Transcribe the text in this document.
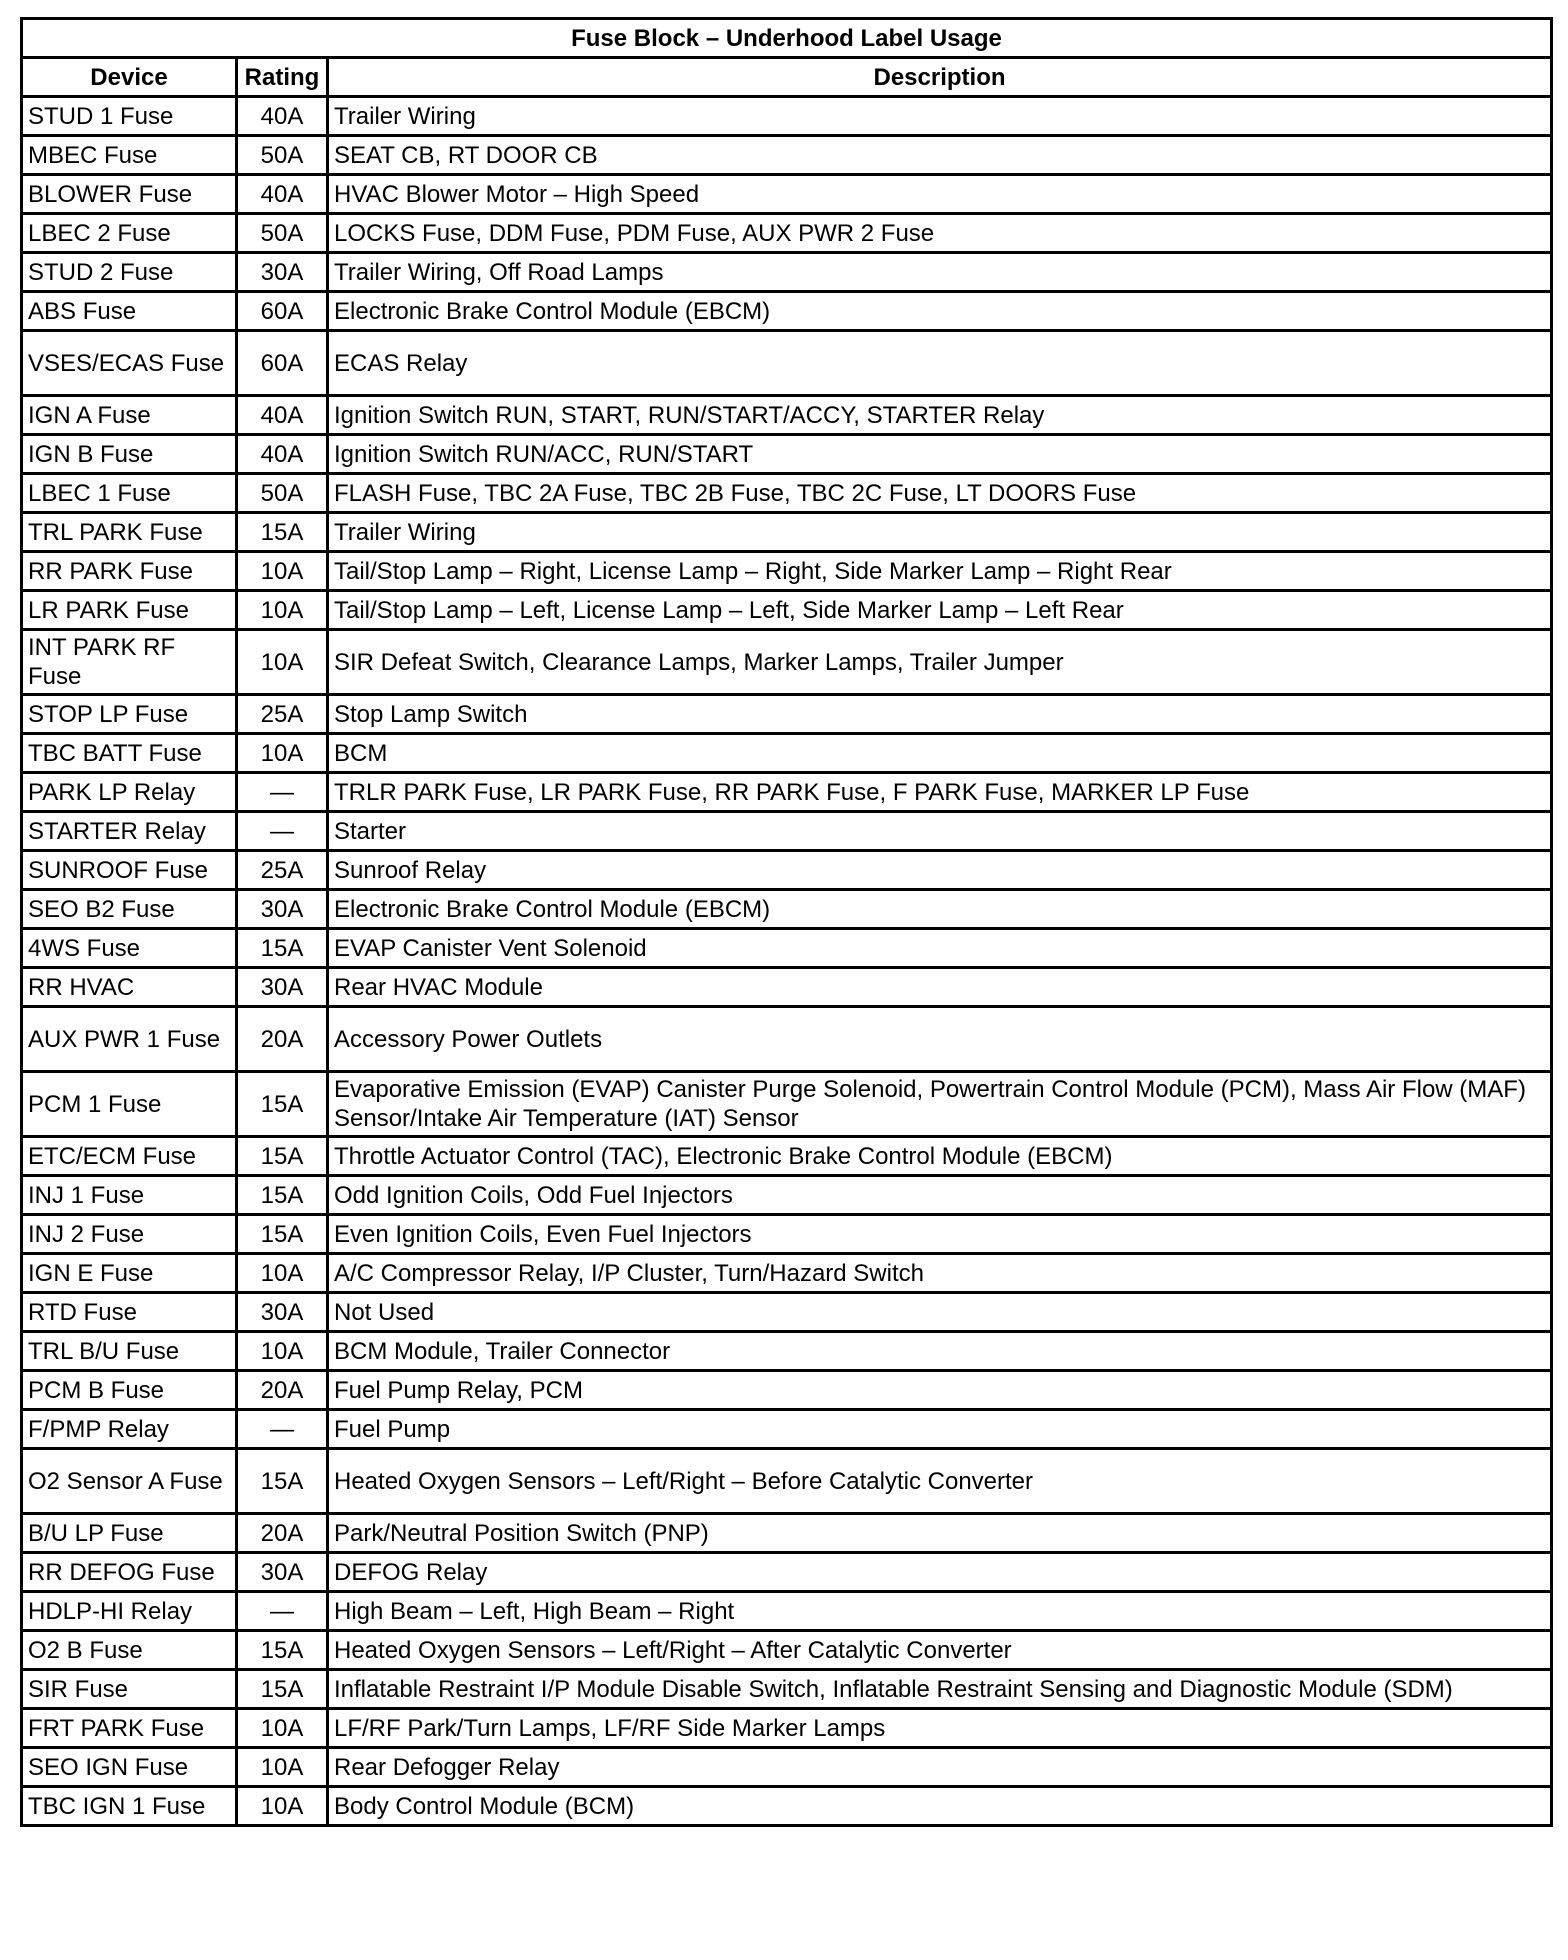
Fuse Block – Underhood Label Usage		
Device	Rating	Description
STUD 1 Fuse	40A	Trailer Wiring
MBEC Fuse	50A	SEAT CB, RT DOOR CB
BLOWER Fuse	40A	HVAC Blower Motor – High Speed
LBEC 2 Fuse	50A	LOCKS Fuse, DDM Fuse, PDM Fuse, AUX PWR 2 Fuse
STUD 2 Fuse	30A	Trailer Wiring, Off Road Lamps
ABS Fuse	60A	Electronic Brake Control Module (EBCM)
VSES/ECAS Fuse	60A	ECAS Relay
IGN A Fuse	40A	Ignition Switch RUN, START, RUN/START/ACCY, STARTER Relay
IGN B Fuse	40A	Ignition Switch RUN/ACC, RUN/START
LBEC 1 Fuse	50A	FLASH Fuse, TBC 2A Fuse, TBC 2B Fuse, TBC 2C Fuse, LT DOORS Fuse
TRL PARK Fuse	15A	Trailer Wiring
RR PARK Fuse	10A	Tail/Stop Lamp – Right, License Lamp – Right, Side Marker Lamp – Right Rear
LR PARK Fuse	10A	Tail/Stop Lamp – Left, License Lamp – Left, Side Marker Lamp – Left Rear
INT PARK RF Fuse	10A	SIR Defeat Switch, Clearance Lamps, Marker Lamps, Trailer Jumper
STOP LP Fuse	25A	Stop Lamp Switch
TBC BATT Fuse	10A	BCM
PARK LP Relay	—	TRLR PARK Fuse, LR PARK Fuse, RR PARK Fuse, F PARK Fuse, MARKER LP Fuse
STARTER Relay	—	Starter
SUNROOF Fuse	25A	Sunroof Relay
SEO B2 Fuse	30A	Electronic Brake Control Module (EBCM)
4WS Fuse	15A	EVAP Canister Vent Solenoid
RR HVAC	30A	Rear HVAC Module
AUX PWR 1 Fuse	20A	Accessory Power Outlets
PCM 1 Fuse	15A	Evaporative Emission (EVAP) Canister Purge Solenoid, Powertrain Control Module (PCM), Mass Air Flow (MAF) Sensor/Intake Air Temperature (IAT) Sensor
ETC/ECM Fuse	15A	Throttle Actuator Control (TAC), Electronic Brake Control Module (EBCM)
INJ 1 Fuse	15A	Odd Ignition Coils, Odd Fuel Injectors
INJ 2 Fuse	15A	Even Ignition Coils, Even Fuel Injectors
IGN E Fuse	10A	A/C Compressor Relay, I/P Cluster, Turn/Hazard Switch
RTD Fuse	30A	Not Used
TRL B/U Fuse	10A	BCM Module, Trailer Connector
PCM B Fuse	20A	Fuel Pump Relay, PCM
F/PMP Relay	—	Fuel Pump
O2 Sensor A Fuse	15A	Heated Oxygen Sensors – Left/Right – Before Catalytic Converter
B/U LP Fuse	20A	Park/Neutral Position Switch (PNP)
RR DEFOG Fuse	30A	DEFOG Relay
HDLP-HI Relay	—	High Beam – Left, High Beam – Right
O2 B Fuse	15A	Heated Oxygen Sensors – Left/Right – After Catalytic Converter
SIR Fuse	15A	Inflatable Restraint I/P Module Disable Switch, Inflatable Restraint Sensing and Diagnostic Module (SDM)
FRT PARK Fuse	10A	LF/RF Park/Turn Lamps, LF/RF Side Marker Lamps
SEO IGN Fuse	10A	Rear Defogger Relay
TBC IGN 1 Fuse	10A	Body Control Module (BCM)
